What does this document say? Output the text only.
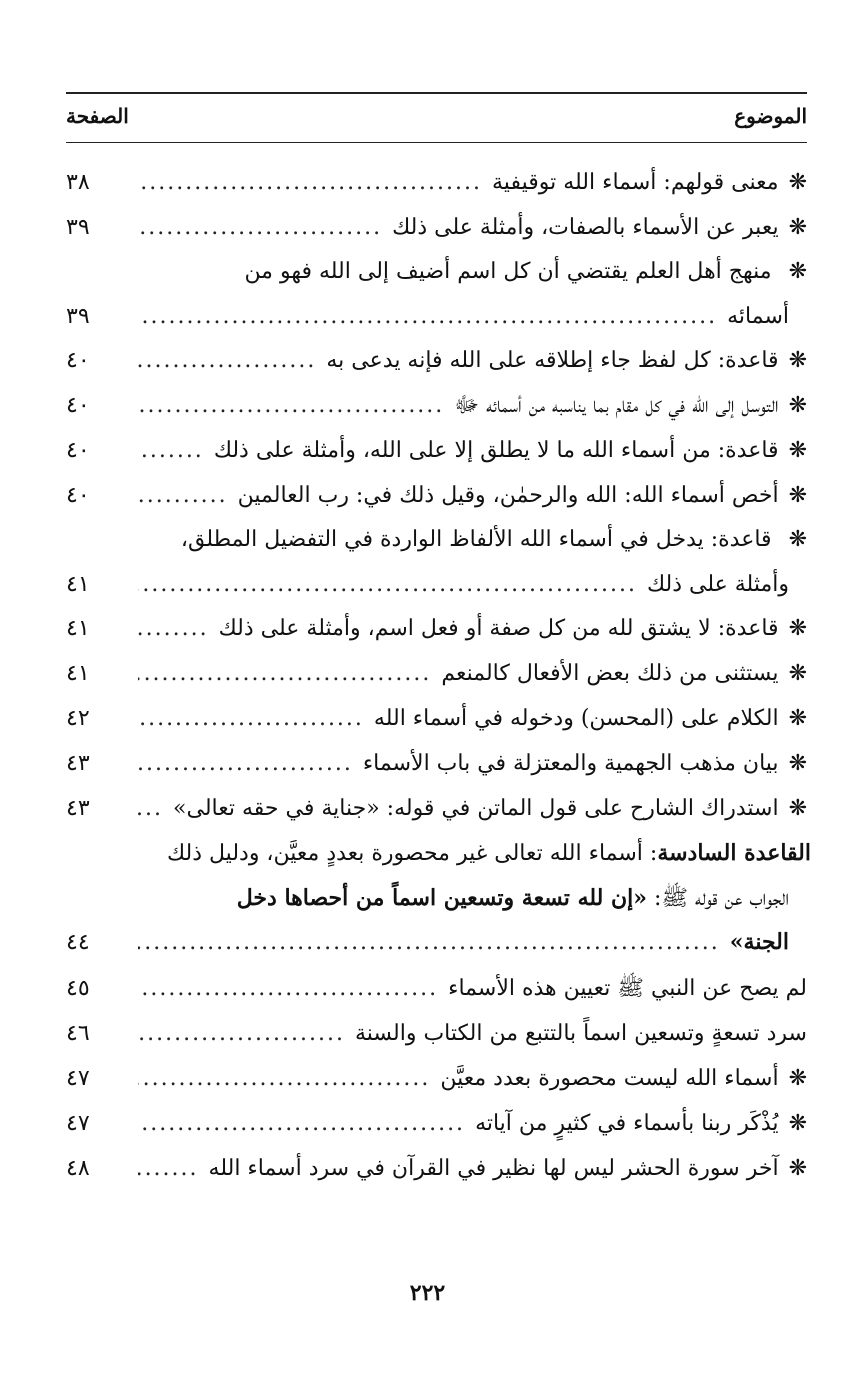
الموضوع
الصفحة
❋
معنى قولهم: أسماء الله توقيفية
.....
٣٨
❋
يعبر عن الأسماء بالصفات، وأمثلة على ذلك
.....
٣٩
❋ منهج أهل العلم يقتضي أن كل اسم أضيف إلى الله فهو من
أسمائه
.....
٣٩
❋
قاعدة: كل لفظ جاء إطلاقه على الله فإنه يدعى به
.....
٤٠
❋
التوسل إلى الله في كل مقام بما يناسبه من أسمائه ﷻ
.....
٤٠
❋
قاعدة: من أسماء الله ما لا يطلق إلا على الله، وأمثلة على ذلك
.....
٤٠
❋
أخص أسماء الله: الله والرحمٰن، وقيل ذلك في: رب العالمين
.....
٤٠
❋ قاعدة: يدخل في أسماء الله الألفاظ الواردة في التفضيل المطلق،
وأمثلة على ذلك
.....
٤١
❋
قاعدة: لا يشتق لله من كل صفة أو فعل اسم، وأمثلة على ذلك
.....
٤١
❋
يستثنى من ذلك بعض الأفعال كالمنعم
.....
٤١
❋
الكلام على (المحسن) ودخوله في أسماء الله
.....
٤٢
❋
بيان مذهب الجهمية والمعتزلة في باب الأسماء
.....
٤٣
❋
استدراك الشارح على قول الماتن في قوله: «جناية في حقه تعالى»
.....
٤٣
القاعدة السادسة: أسماء الله تعالى غير محصورة بعددٍ معيَّن، ودليل ذلك
الجواب عن قوله ﷺ: «إن لله تسعة وتسعين اسماً من أحصاها دخل
الجنة»
.....
٤٤
لم يصح عن النبي ﷺ تعيين هذه الأسماء
.....
٤٥
سرد تسعةٍ وتسعين اسماً بالتتبع من الكتاب والسنة
.....
٤٦
❋
أسماء الله ليست محصورة بعدد معيَّن
.....
٤٧
❋
يُذْكَر ربنا بأسماء في كثيرٍ من آياته
.....
٤٧
❋
آخر سورة الحشر ليس لها نظير في القرآن في سرد أسماء الله
.....
٤٨
٢٢٢
